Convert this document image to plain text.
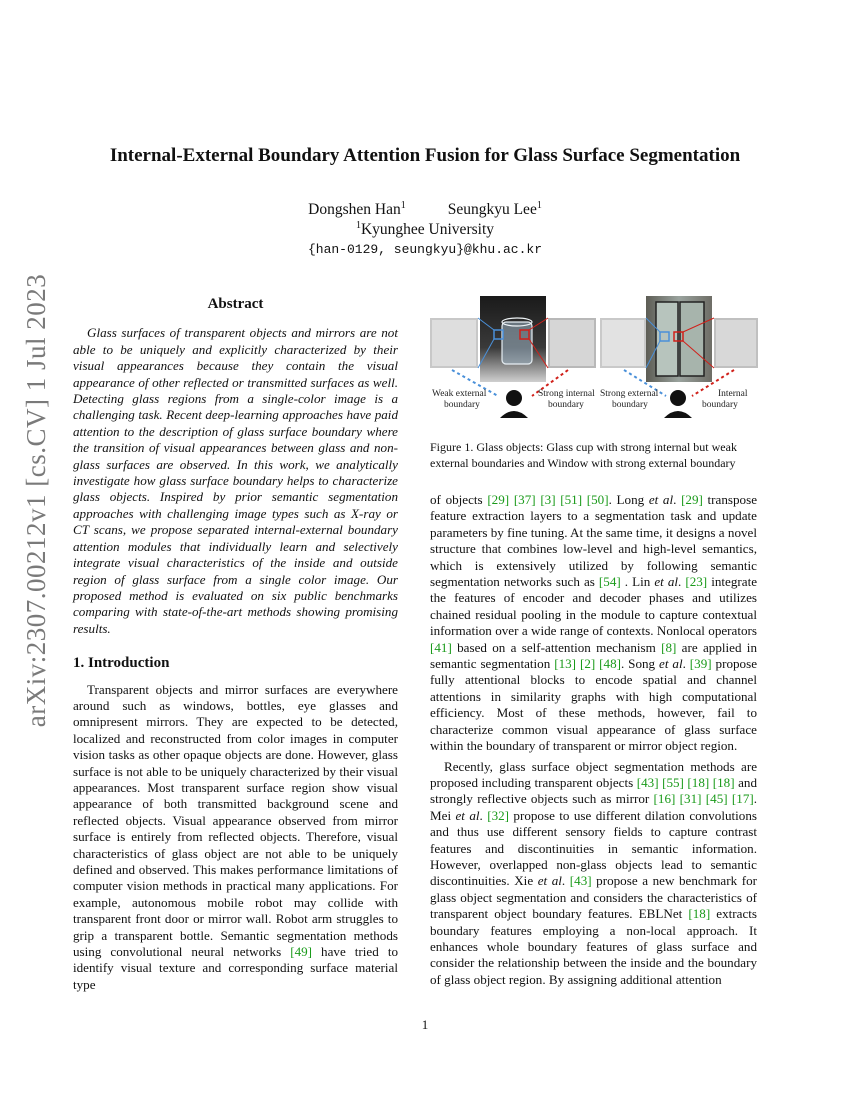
arXiv:2307.00212v1 [cs.CV] 1 Jul 2023
Internal-External Boundary Attention Fusion for Glass Surface Segmentation
Dongshen Han$^1$	Seungkyu Lee$^1$
$^1$Kyunghee University
{han-0129, seungkyu}@khu.ac.kr
Abstract

Glass surfaces of transparent objects and mirrors are not able to be uniquely and explicitly characterized by their visual appearances because they contain the visual appearance of other reflected or transmitted surfaces as well. Detecting glass regions from a single-color image is a challenging task. Recent deep-learning approaches have paid attention to the description of glass surface boundary where the transition of visual appearances between glass and non-glass surfaces are observed. In this work, we analytically investigate how glass surface boundary helps to characterize glass objects. Inspired by prior semantic segmentation approaches with challenging image types such as X-ray or CT scans, we propose separated internal-external boundary attention modules that individually learn and selectively integrate visual characteristics of the inside and outside region of glass surface from a single color image. Our proposed method is evaluated on six public benchmarks comparing with state-of-the-art methods showing promising results.

1. Introduction

Transparent objects and mirror surfaces are everywhere around such as windows, bottles, eye glasses and omnipresent mirrors. They are expected to be detected, localized and reconstructed from color images in computer vision tasks as other opaque objects are done. However, glass surface is not able to be uniquely characterized by their visual appearances. Most transparent surface region show visual appearance of both transmitted background scene and reflected objects. Visual appearance observed from mirror surface is entirely from reflected objects. Therefore, visual characteristics of glass object are not able to be uniquely defined and observed. This makes performance limitations of computer vision methods in practical many applications. For example, autonomous mobile robot may collide with transparent front door or mirror wall. Robot arm struggles to grip a transparent bottle. Semantic segmentation methods using convolutional neural networks [49] have tried to identify visual texture and corresponding surface material type

Weak external
boundary
Strong internal
boundary
Strong external
boundary
Internal
boundary
Figure 1. Glass objects: Glass cup with strong internal but weak external boundaries and Window with strong external boundary

of objects [29] [37] [3] [51] [50]. Long et al. [29] transpose feature extraction layers to a segmentation task and update parameters by fine tuning. At the same time, it designs a novel structure that combines low-level and high-level semantics, which is extensively utilized by following semantic segmentation networks such as [54] . Lin et al. [23] integrate the features of encoder and decoder phases and utilizes chained residual pooling in the module to capture contextual information over a wide range of contexts. Nonlocal operators [41] based on a self-attention mechanism [8] are applied in semantic segmentation [13] [2] [48]. Song et al. [39] propose fully attentional blocks to encode spatial and channel attentions in similarity graphs with high computational efficiency. Most of these methods, however, fail to characterize common visual appearance of glass surface within the boundary of transparent or mirror object region.

Recently, glass surface object segmentation methods are proposed including transparent objects [43] [55] [18] [18] and strongly reflective objects such as mirror [16] [31] [45] [17]. Mei et al. [32] propose to use different dilation convolutions and thus use different sensory fields to capture contrast features and discontinuities in semantic information. However, overlapped non-glass objects lead to semantic discontinuities. Xie et al. [43] propose a new benchmark for glass object segmentation and considers the characteristics of transparent object boundary features. EBLNet [18] extracts boundary features employing a non-local approach. It enhances whole boundary features of glass surface and consider the relationship between the inside and the boundary of glass object region. By assigning additional attention

1
